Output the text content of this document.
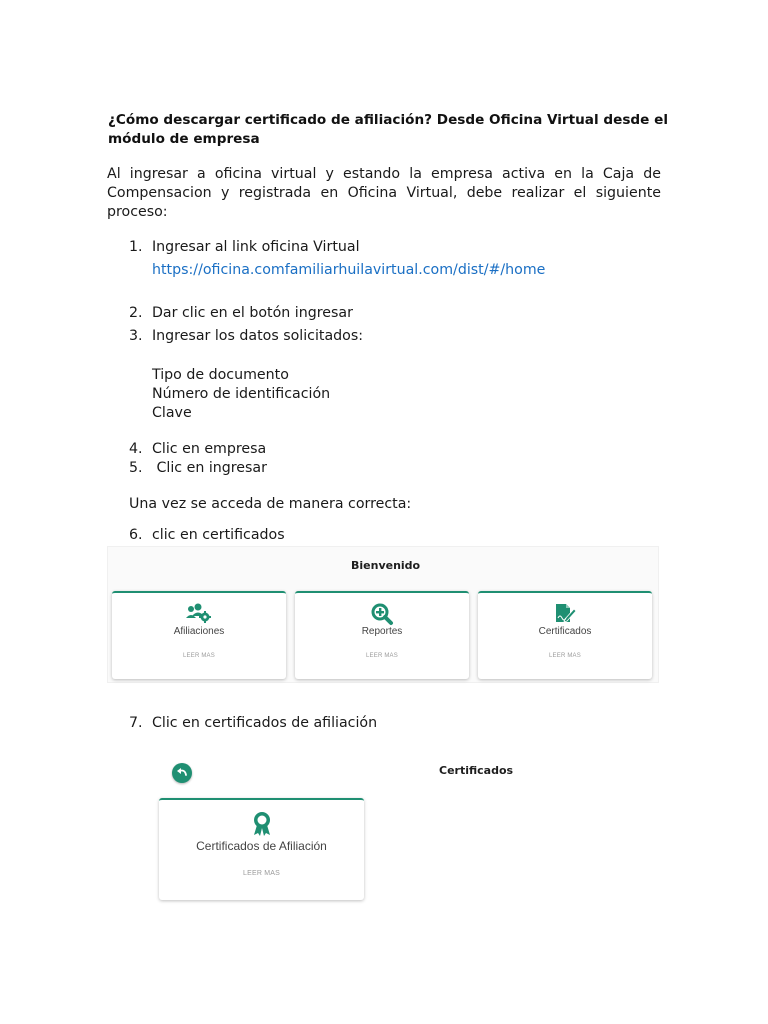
¿Cómo descargar certificado de afiliación? Desde Oficina Virtual desde el módulo de empresa
Al ingresar a oficina virtual y estando la empresa activa en la Caja de Compensacion y registrada en Oficina Virtual, debe realizar el siguiente proceso:
1. Ingresar al link oficina Virtual
https://oficina.comfamiliarhuilavirtual.com/dist/#/home
2. Dar clic en el botón ingresar
3. Ingresar los datos solicitados:
Tipo de documento
Número de identificación
Clave
4. Clic en empresa
5. Clic en ingresar
Una vez se acceda de manera correcta:
6. clic en certificados
Bienvenido
Afiliaciones
LEER MAS
Reportes
LEER MAS
Certificados
LEER MAS
7. Clic en certificados de afiliación
Certificados
Certificados de Afiliación
LEER MAS
